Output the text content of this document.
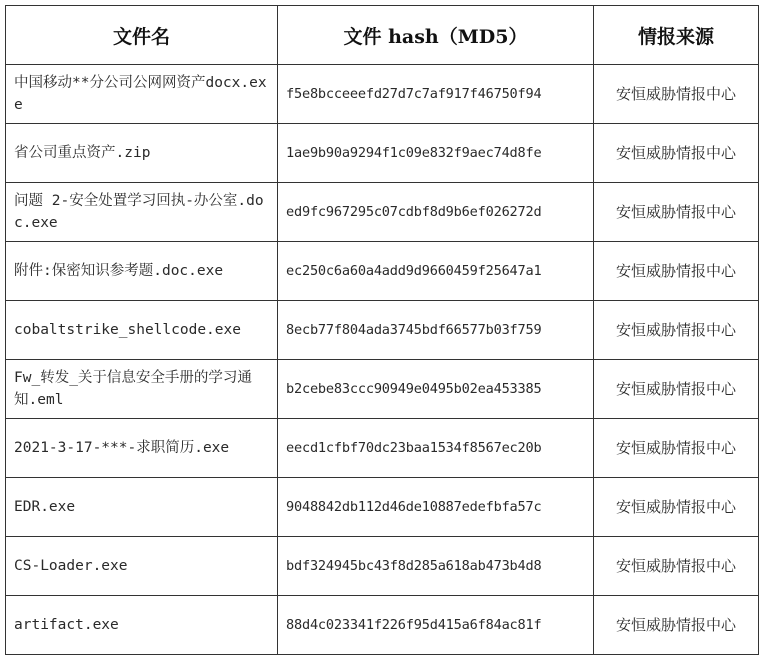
文件名	文件 hash（MD5）	情报来源
中国移动**分公司公网网资产docx.exe	f5e8bcceeefd27d7c7af917f46750f94	安恒威胁情报中心
省公司重点资产.zip	1ae9b90a9294f1c09e832f9aec74d8fe	安恒威胁情报中心
问题 2-安全处置学习回执-办公室.doc.exe	ed9fc967295c07cdbf8d9b6ef026272d	安恒威胁情报中心
附件:保密知识参考题.doc.exe	ec250c6a60a4add9d9660459f25647a1	安恒威胁情报中心
cobaltstrike_shellcode.exe	8ecb77f804ada3745bdf66577b03f759	安恒威胁情报中心
Fw_转发_关于信息安全手册的学习通知.eml	b2cebe83ccc90949e0495b02ea453385	安恒威胁情报中心
2021-3-17-***-求职简历.exe	eecd1cfbf70dc23baa1534f8567ec20b	安恒威胁情报中心
EDR.exe	9048842db112d46de10887edefbfa57c	安恒威胁情报中心
CS-Loader.exe	bdf324945bc43f8d285a618ab473b4d8	安恒威胁情报中心
artifact.exe	88d4c023341f226f95d415a6f84ac81f	安恒威胁情报中心
